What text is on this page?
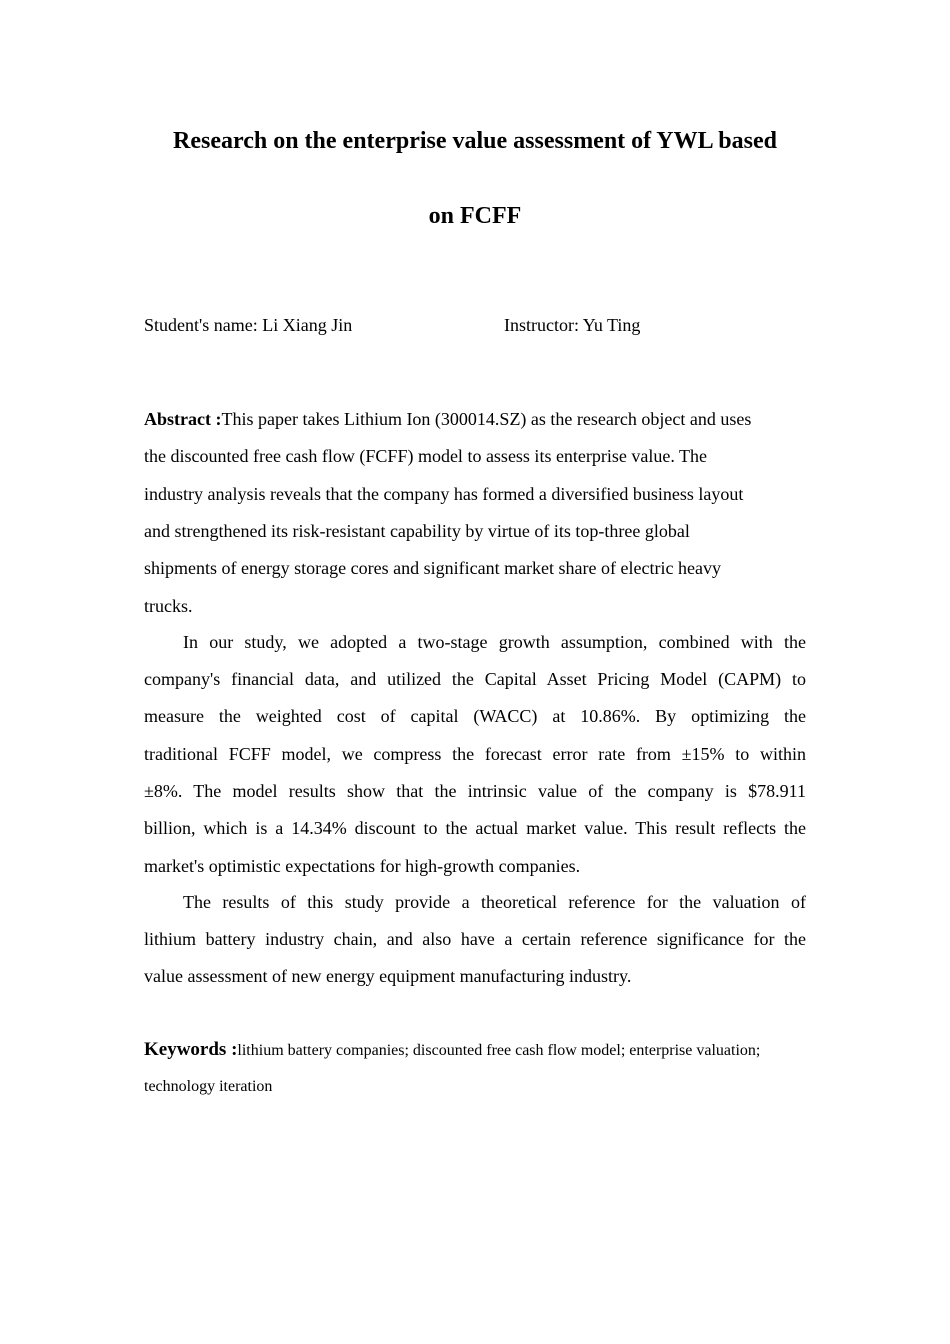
Research on the enterprise value assessment of YWL based
on FCFF
Student's name: Li Xiang Jin	Instructor: Yu Ting
Abstract :This paper takes Lithium Ion (300014.SZ) as the research object and uses
the discounted free cash flow (FCFF) model to assess its enterprise value. The
industry analysis reveals that the company has formed a diversified business layout
and strengthened its risk-resistant capability by virtue of its top-three global
shipments of energy storage cores and significant market share of electric heavy
trucks.
In our study, we adopted a two-stage growth assumption, combined with the
company's financial data, and utilized the Capital Asset Pricing Model (CAPM) to
measure the weighted cost of capital (WACC) at 10.86%. By optimizing the
traditional FCFF model, we compress the forecast error rate from ±15% to within
±8%. The model results show that the intrinsic value of the company is $78.911
billion, which is a 14.34% discount to the actual market value. This result reflects the
market's optimistic expectations for high-growth companies.
The results of this study provide a theoretical reference for the valuation of
lithium battery industry chain, and also have a certain reference significance for the
value assessment of new energy equipment manufacturing industry.
Keywords :lithium battery companies; discounted free cash flow model; enterprise valuation;
technology iteration
